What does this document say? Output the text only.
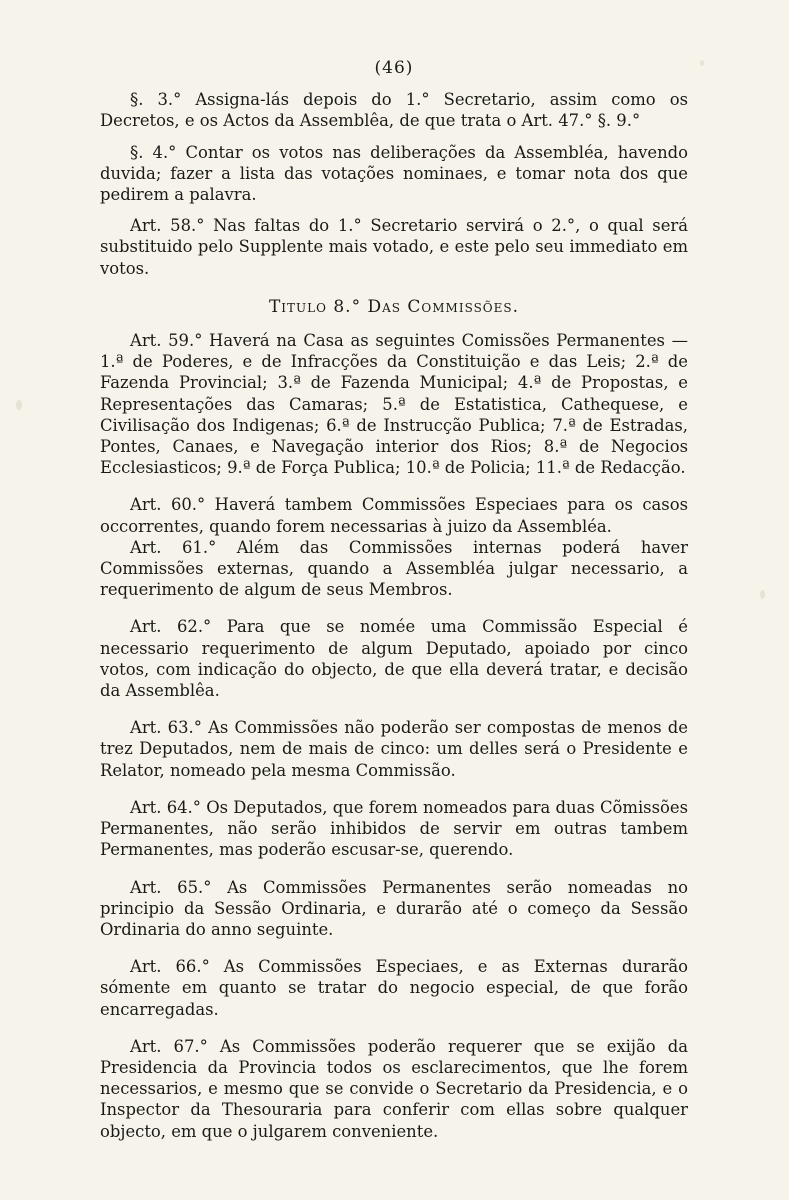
(46)

§. 3.° Assigna-lás depois do 1.° Secretario, assim como os Decretos, e os Actos da Assemblêa, de que trata o Art. 47.° §. 9.°

§. 4.° Contar os votos nas deliberações da Assembléa, havendo duvida; fazer a lista das votações nominaes, e tomar nota dos que pedirem a palavra.

Art. 58.° Nas faltas do 1.° Secretario servirá o 2.°, o qual será substituido pelo Supplente mais votado, e este pelo seu immediato em votos.

Titulo 8.° Das Commissões.

Art. 59.° Haverá na Casa as seguintes Comissões Permanentes — 1.ª de Poderes, e de Infracções da Constituição e das Leis; 2.ª de Fazenda Provincial; 3.ª de Fazenda Municipal; 4.ª de Propostas, e Representações das Camaras; 5.ª de Estatistica, Cathequese, e Civilisação dos Indigenas; 6.ª de Instrucção Publica; 7.ª de Estradas, Pontes, Canaes, e Navegação interior dos Rios; 8.ª de Negocios Ecclesiasticos; 9.ª de Força Publica; 10.ª de Policia; 11.ª de Redacção.

Art. 60.° Haverá tambem Commissões Especiaes para os casos occorrentes, quando forem necessarias à juizo da Assembléa.

Art. 61.° Além das Commissões internas poderá haver Commissões externas, quando a Assembléa julgar necessario, a requerimento de algum de seus Membros.

Art. 62.° Para que se nomée uma Commissão Especial é necessario requerimento de algum Deputado, apoiado por cinco votos, com indicação do objecto, de que ella deverá tratar, e decisão da Assemblêa.

Art. 63.° As Commissões não poderão ser compostas de menos de trez Deputados, nem de mais de cinco: um delles será o Presidente e Relator, nomeado pela mesma Commissão.

Art. 64.° Os Deputados, que forem nomeados para duas Cõmissões Permanentes, não serão inhibidos de servir em outras tambem Permanentes, mas poderão escusar-se, querendo.

Art. 65.° As Commissões Permanentes serão nomeadas no principio da Sessão Ordinaria, e durarão até o começo da Sessão Ordinaria do anno seguinte.

Art. 66.° As Commissões Especiaes, e as Externas durarão sómente em quanto se tratar do negocio especial, de que forão encarregadas.

Art. 67.° As Commissões poderão requerer que se exijão da Presidencia da Provincia todos os esclarecimentos, que lhe forem necessarios, e mesmo que se convide o Secretario da Presidencia, e o Inspector da Thesouraria para conferir com ellas sobre qualquer objecto, em que o julgarem conveniente.
